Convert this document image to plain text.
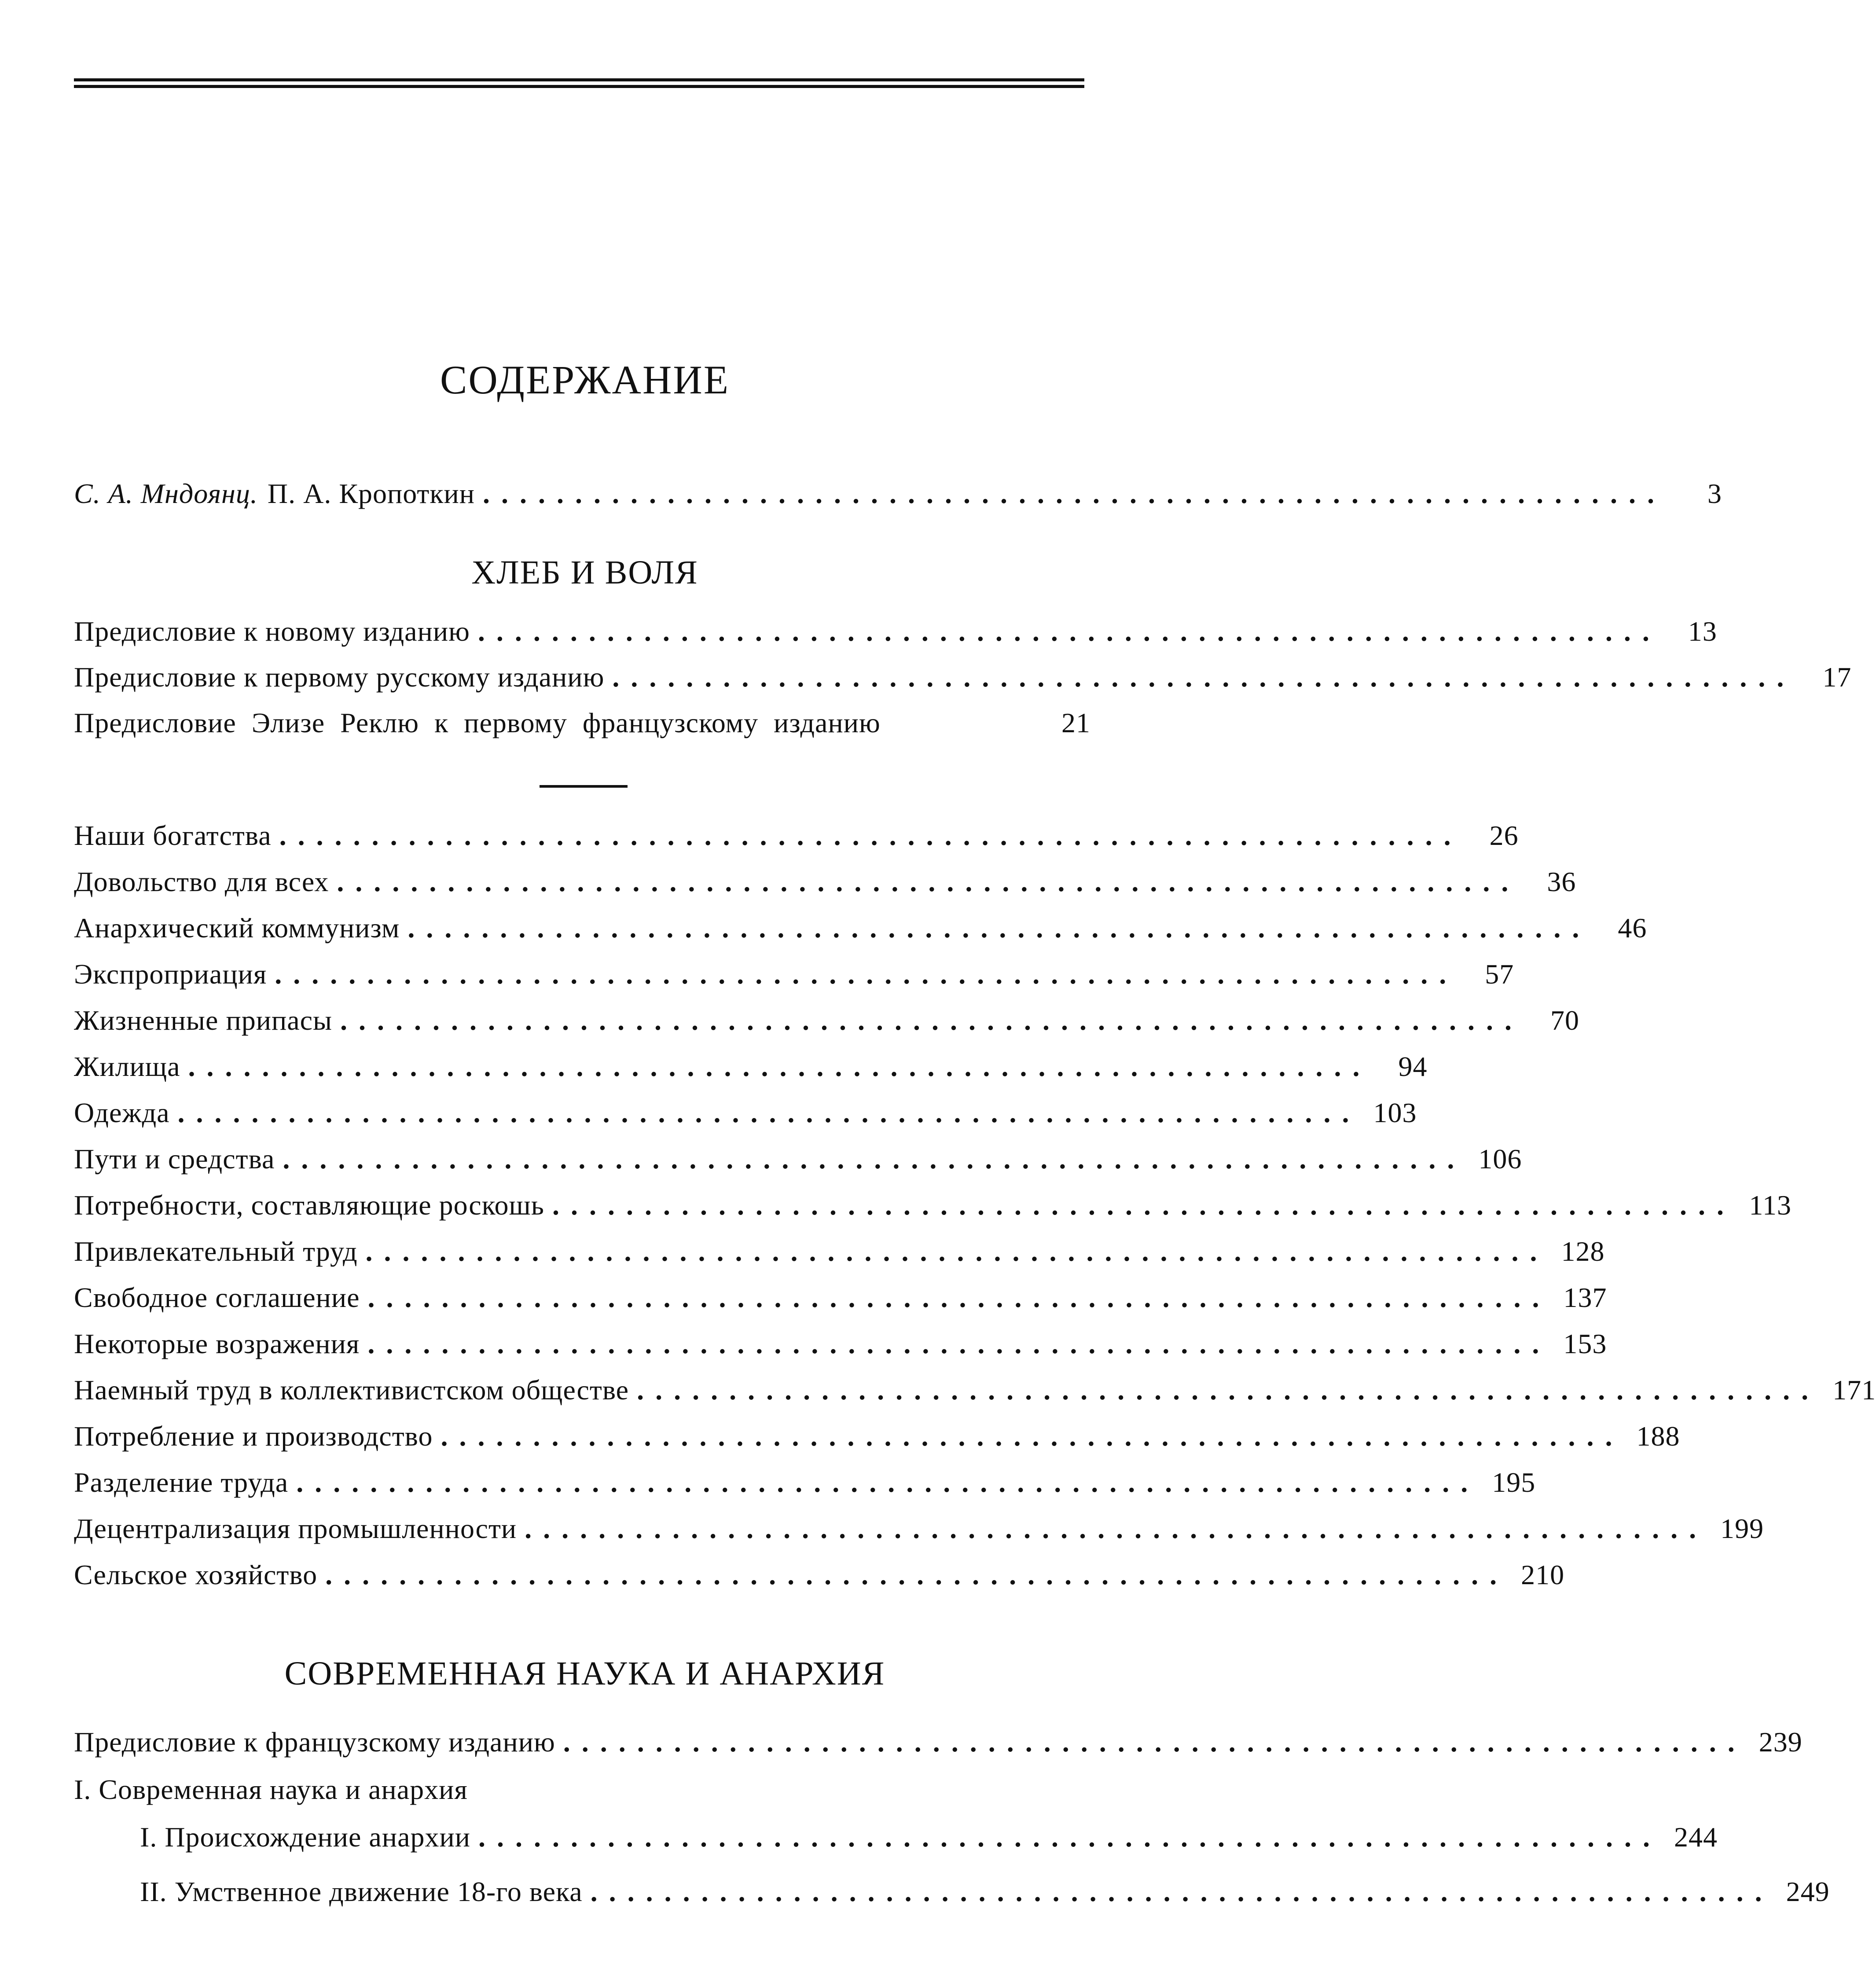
СОДЕРЖАНИЕ
С. А. Мндоянц. П. А. Кропоткин ................................................................	3
ХЛЕБ И ВОЛЯ
Предисловие к новому изданию ................................................................ 13
Предисловие к первому русскому изданию ................................................................ 17
Предисловие Элизе Реклю к первому французскому изданию	21
Наши богатства ................................................................ 26
Довольство для всех ................................................................ 36
Анархический коммунизм ................................................................ 46
Экспроприация ................................................................ 57
Жизненные припасы ................................................................ 70
Жилища ................................................................ 94
Одежда ................................................................ 103
Пути и средства ................................................................ 106
Потребности, составляющие роскошь ................................................................ 113
Привлекательный труд ................................................................ 128
Свободное соглашение ................................................................ 137
Некоторые возражения ................................................................ 153
Наемный труд в коллективистском обществе ................................................................ 171
Потребление и производство ................................................................ 188
Разделение труда ................................................................ 195
Децентрализация промышленности ................................................................ 199
Сельское хозяйство ................................................................ 210
СОВРЕМЕННАЯ НАУКА И АНАРХИЯ
Предисловие к французскому изданию ................................................................ 239
I. Современная наука и анархия
I. Происхождение анархии ................................................................ 244
II. Умственное движение 18-го века ................................................................ 249
